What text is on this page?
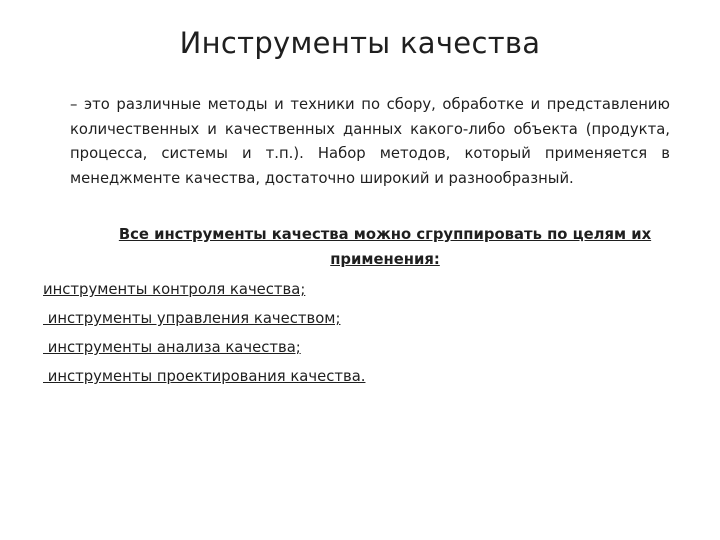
Инструменты качества
– это различные методы и техники по сбору, обработке и представлению количественных и качественных данных какого-либо объекта (продукта, процесса, системы и т.п.). Набор методов, который применяется в менеджменте качества, достаточно широкий и разнообразный.
Все инструменты качества можно сгруппировать по целям их применения:
инструменты контроля качества;
инструменты управления качеством;
инструменты анализа качества;
инструменты проектирования качества.
